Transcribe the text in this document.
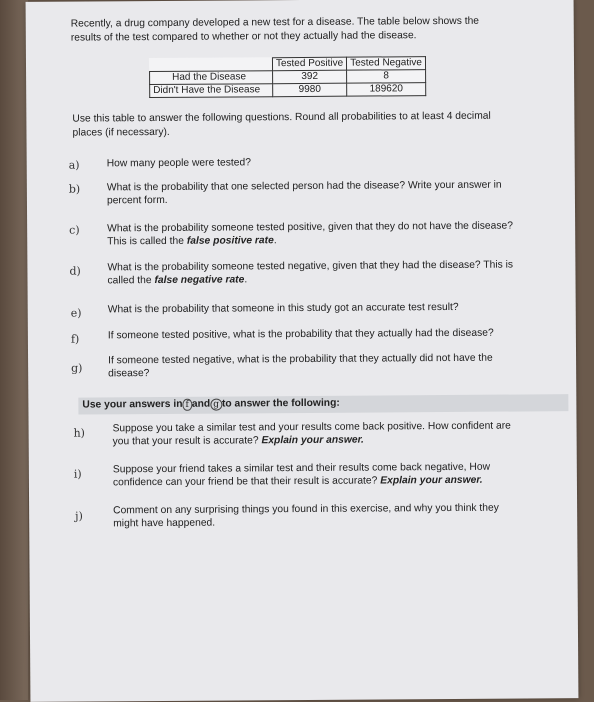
Recently, a drug company developed a new test for a disease. The table below shows the results of the test compared to whether or not they actually had the disease.
	Tested Positive	Tested Negative
Had the Disease	392	8
Didn't Have the Disease	9980	189620
Use this table to answer the following questions. Round all probabilities to at least 4 decimal places (if necessary).
a)	How many people were tested?
b)	What is the probability that one selected person had the disease? Write your answer in percent form.
c)	What is the probability someone tested positive, given that they do not have the disease? This is called the false positive rate.
d)	What is the probability someone tested negative, given that they had the disease? This is called the false negative rate.
e)	What is the probability that someone in this study got an accurate test result?
f)	If someone tested positive, what is the probability that they actually had the disease?
g)
If someone tested negative, what is the probability that they actually did not have the disease?
Use your answers in f and g to answer the following:
h)	Suppose you take a similar test and your results come back positive. How confident are you that your result is accurate? Explain your answer.
i)	Suppose your friend takes a similar test and their results come back negative, How confidence can your friend be that their result is accurate? Explain your answer.
j)	Comment on any surprising things you found in this exercise, and why you think they might have happened.
